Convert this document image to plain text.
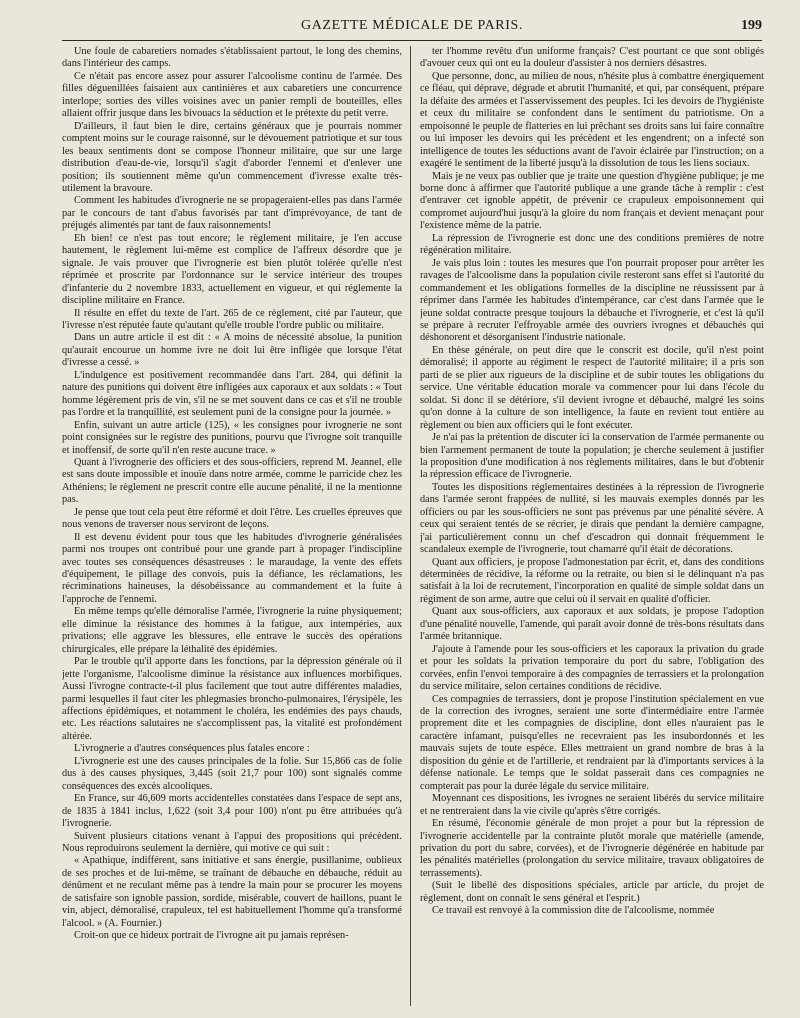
GAZETTE MÉDICALE DE PARIS.	199

Une foule de cabaretiers nomades s'établissaient partout, le long des chemins, dans l'intérieur des camps.

Ce n'était pas encore assez pour assurer l'alcoolisme continu de l'armée. Des filles déguenillées faisaient aux cantinières et aux cabaretiers une concurrence interlope; sorties des villes voisines avec un panier rempli de bouteilles, elles allaient offrir jusque dans les bivouacs la séduction et le prétexte du petit verre.

D'ailleurs, il faut bien le dire, certains généraux que je pourrais nommer comptent moins sur le courage raisonné, sur le dévouement patriotique et sur tous les beaux sentiments dont se compose l'honneur militaire, que sur une large distribution d'eau-de-vie, lorsqu'il s'agit d'aborder l'ennemi et d'enlever une position; ils soutiennent même qu'un commencement d'ivresse exalte très-utilement la bravoure.

Comment les habitudes d'ivrognerie ne se propageraient-elles pas dans l'armée par le concours de tant d'abus favorisés par tant d'imprévoyance, de tant de préjugés alimentés par tant de faux raisonnements!

Eh bien! ce n'est pas tout encore; le règlement militaire, je l'en accuse hautement, le règlement lui-même est complice de l'affreux désordre que je signale. Je vais prouver que l'ivrognerie est bien plutôt tolérée qu'elle n'est réprimée et proscrite par l'ordonnance sur le service intérieur des troupes d'infanterie du 2 novembre 1833, actuellement en vigueur, et qui réglemente la discipline militaire en France.

Il résulte en effet du texte de l'art. 265 de ce règlement, cité par l'auteur, que l'ivresse n'est réputée faute qu'autant qu'elle trouble l'ordre public ou militaire.

Dans un autre article il est dit : « A moins de nécessité absolue, la punition qu'aurait encourue un homme ivre ne doit lui être infligée que lorsque l'état d'ivresse a cessé. »

L'indulgence est positivement recommandée dans l'art. 284, qui définit la nature des punitions qui doivent être infligées aux caporaux et aux soldats : « Tout homme légèrement pris de vin, s'il ne se met souvent dans ce cas et s'il ne trouble pas l'ordre et la tranquillité, est seulement puni de la consigne pour la journée. »

Enfin, suivant un autre article (125), « les consignes pour ivrognerie ne sont point consignées sur le registre des punitions, pourvu que l'ivrogne soit tranquille et inoffensif, de sorte qu'il n'en reste aucune trace. »

Quant à l'ivrognerie des officiers et des sous-officiers, reprend M. Jeannel, elle est sans doute impossible et inouïe dans notre armée, comme le parricide chez les Athéniens; le règlement ne prescrit contre elle aucune pénalité, il ne la mentionne pas.

Je pense que tout cela peut être réformé et doit l'être. Les cruelles épreuves que nous venons de traverser nous serviront de leçons.

Il est devenu évident pour tous que les habitudes d'ivrognerie généralisées parmi nos troupes ont contribué pour une grande part à propager l'indiscipline avec toutes ses conséquences désastreuses : le maraudage, la vente des effets d'équipement, le pillage des convois, puis la défiance, les réclamations, les récriminations haineuses, la désobéissance au commandement et la fuite à l'approche de l'ennemi.

En même temps qu'elle démoralise l'armée, l'ivrognerie la ruine physiquement; elle diminue la résistance des hommes à la fatigue, aux intempéries, aux privations; elle aggrave les blessures, elle entrave le succès des opérations chirurgicales, elle prépare la léthalité des épidémies.

Par le trouble qu'il apporte dans les fonctions, par la dépression générale où il jette l'organisme, l'alcoolisme diminue la résistance aux influences morbifiques. Aussi l'ivrogne contracte-t-il plus facilement que tout autre différentes maladies, parmi lesquelles il faut citer les phlegmasies broncho-pulmonaires, l'érysipèle, les affections épidémiques, et notamment le choléra, les endémies des pays chauds, etc. Les réactions salutaires ne s'accomplissent pas, la vitalité est profondément altérée.

L'ivrognerie a d'autres conséquences plus fatales encore :

L'ivrognerie est une des causes principales de la folie. Sur 15,866 cas de folie dus à des causes physiques, 3,445 (soit 21,7 pour 100) sont signalés comme conséquences des excès alcooliques.

En France, sur 46,609 morts accidentelles constatées dans l'espace de sept ans, de 1835 à 1841 inclus, 1,622 (soit 3,4 pour 100) n'ont pu être attribuées qu'à l'ivrognerie.

Suivent plusieurs citations venant à l'appui des propositions qui précèdent. Nous reproduirons seulement la dernière, qui motive ce qui suit :

« Apathique, indifférent, sans initiative et sans énergie, pusillanime, oublieux de ses proches et de lui-même, se traînant de débauche en débauche, réduit au dénûment et ne reculant même pas à tendre la main pour se procurer les moyens de satisfaire son ignoble passion, sordide, misérable, couvert de haillons, puant le vin, abject, démoralisé, crapuleux, tel est habituellement l'homme qu'a transformé l'alcool. » (A. Fournier.)

Croit-on que ce hideux portrait de l'ivrogne ait pu jamais représen-

ter l'homme revêtu d'un uniforme français? C'est pourtant ce que sont obligés d'avouer ceux qui ont eu la douleur d'assister à nos derniers désastres.

Que personne, donc, au milieu de nous, n'hésite plus à combattre énergiquement ce fléau, qui déprave, dégrade et abrutit l'humanité, et qui, par conséquent, prépare la défaite des armées et l'asservissement des peuples. Ici les devoirs de l'hygiéniste et ceux du militaire se confondent dans le sentiment du patriotisme. On a empoisonné le peuple de flatteries en lui prêchant ses droits sans lui faire connaître ou lui imposer les devoirs qui les précèdent et les engendrent; on a infecté son intelligence de toutes les séductions avant de l'avoir éclairée par l'instruction; on a exagéré le sentiment de la liberté jusqu'à la dissolution de tous les liens sociaux.

Mais je ne veux pas oublier que je traite une question d'hygiène publique; je me borne donc à affirmer que l'autorité publique a une grande tâche à remplir : c'est d'entraver cet ignoble appétit, de prévenir ce crapuleux empoisonnement qui compromet aujourd'hui jusqu'à la gloire du nom français et devient menaçant pour l'existence même de la patrie.

La répression de l'ivrognerie est donc une des conditions premières de notre régénération militaire.

Je vais plus loin : toutes les mesures que l'on pourrait proposer pour arrêter les ravages de l'alcoolisme dans la population civile resteront sans effet si l'autorité du commandement et les obligations formelles de la discipline ne réussissent par à réprimer dans l'armée les habitudes d'intempérance, car c'est dans l'armée que le jeune soldat contracte presque toujours la débauche et l'ivrognerie, et c'est là qu'il se prépare à recruter l'effroyable armée des ouvriers ivrognes et débauchés qui déshonorent et désorganisent l'industrie nationale.

En thèse générale, on peut dire que le conscrit est docile, qu'il n'est point démoralisé; il apporte au régiment le respect de l'autorité militaire; il a pris son parti de se plier aux rigueurs de la discipline et de subir toutes les obligations du service. Une véritable éducation morale va commencer pour lui dans l'école du soldat. Si donc il se détériore, s'il devient ivrogne et débauché, malgré les soins qu'on donne à la culture de son intelligence, la faute en revient tout entière au règlement ou bien aux officiers qui le font exécuter.

Je n'ai pas la prétention de discuter ici la conservation de l'armée permanente ou bien l'armement permanent de toute la population; je cherche seulement à justifier la proposition d'une modification à nos règlements militaires, dans le but d'obtenir la répression efficace de l'ivrognerie.

Toutes les dispositions réglementaires destinées à la répression de l'ivrognerie dans l'armée seront frappées de nullité, si les mauvais exemples donnés par les officiers ou par les sous-officiers ne sont pas prévenus par une pénalité sévère. A ceux qui seraient tentés de se récrier, je dirais que pendant la dernière campagne, j'ai particulièrement connu un chef d'escadron qui donnait fréquemment le scandaleux exemple de l'ivrognerie, tout chamarré qu'il était de décorations.

Quant aux officiers, je propose l'admonestation par écrit, et, dans des conditions déterminées de récidive, la réforme ou la retraite, ou bien si le délinquant n'a pas satisfait à la loi de recrutement, l'incorporation en qualité de simple soldat dans un régiment de son arme, autre que celui où il servait en qualité d'officier.

Quant aux sous-officiers, aux caporaux et aux soldats, je propose l'adoption d'une pénalité nouvelle, l'amende, qui paraît avoir donné de très-bons résultats dans l'armée britannique.

J'ajoute à l'amende pour les sous-officiers et les caporaux la privation du grade et pour les soldats la privation temporaire du port du sabre, l'obligation des corvées, enfin l'envoi temporaire à des compagnies de terrassiers et la prolongation du service militaire, selon certaines conditions de récidive.

Ces compagnies de terrassiers, dont je propose l'institution spécialement en vue de la correction des ivrognes, seraient une sorte d'intermédiaire entre l'armée proprement dite et les compagnies de discipline, dont elles n'auraient pas le caractère infamant, puisqu'elles ne recevraient pas les insubordonnés et les mauvais sujets de toute espèce. Elles mettraient un grand nombre de bras à la disposition du génie et de l'artillerie, et rendraient par là d'importants services à la défense nationale. Le temps que le soldat passerait dans ces compagnies ne compterait pas pour la durée légale du service militaire.

Moyennant ces dispositions, les ivrognes ne seraient libérés du service militaire et ne rentreraient dans la vie civile qu'après s'être corrigés.

En résumé, l'économie générale de mon projet a pour but la répression de l'ivrognerie accidentelle par la contrainte plutôt morale que matérielle (amende, privation du port du sabre, corvées), et de l'ivrognerie dégénérée en habitude par les pénalités matérielles (prolongation du service militaire, travaux obligatoires de terrassements).

(Suit le libellé des dispositions spéciales, article par article, du projet de règlement, dont on connaît le sens général et l'esprit.)

Ce travail est renvoyé à la commission dite de l'alcoolisme, nommée
